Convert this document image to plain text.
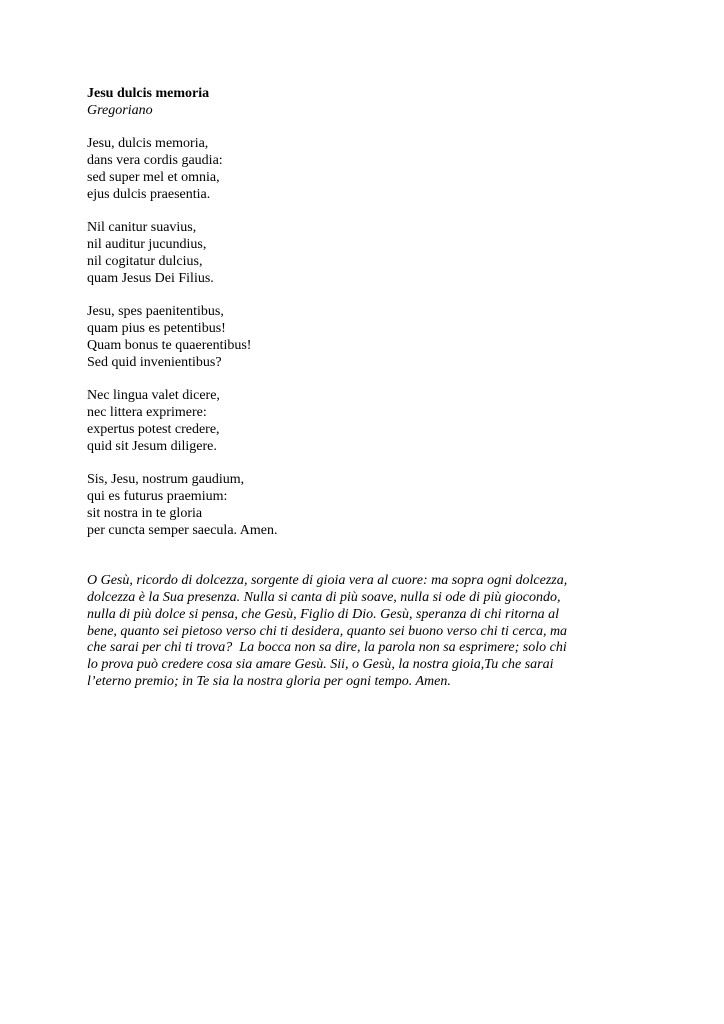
Jesu dulcis memoria
Gregoriano
Jesu, dulcis memoria,
dans vera cordis gaudia:
sed super mel et omnia,
ejus dulcis praesentia.
Nil canitur suavius,
nil auditur jucundius,
nil cogitatur dulcius,
quam Jesus Dei Filius.
Jesu, spes paenitentibus,
quam pius es petentibus!
Quam bonus te quaerentibus!
Sed quid invenientibus?
Nec lingua valet dicere,
nec littera exprimere:
expertus potest credere,
quid sit Jesum diligere.
Sis, Jesu, nostrum gaudium,
qui es futurus praemium:
sit nostra in te gloria
per cuncta semper saecula. Amen.
O Gesù, ricordo di dolcezza, sorgente di gioia vera al cuore: ma sopra ogni dolcezza,
dolcezza è la Sua presenza. Nulla si canta di più soave, nulla si ode di più giocondo,
nulla di più dolce si pensa, che Gesù, Figlio di Dio. Gesù, speranza di chi ritorna al
bene, quanto sei pietoso verso chi ti desidera, quanto sei buono verso chi ti cerca, ma
che sarai per chi ti trova?  La bocca non sa dire, la parola non sa esprimere; solo chi
lo prova può credere cosa sia amare Gesù. Sii, o Gesù, la nostra gioia,Tu che sarai
l’eterno premio; in Te sia la nostra gloria per ogni tempo. Amen.
